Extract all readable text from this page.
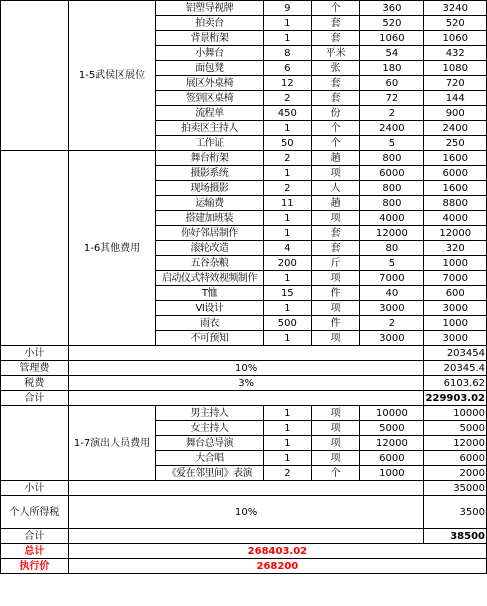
	1-5武侯区展位	铝塑导视牌	9	个	360	3240
		拍卖台	1	套	520	520
		背景桁架	1	套	1060	1060
		小舞台	8	平米	54	432
		面包凳	6	张	180	1080
		展区外桌椅	12	套	60	720
		签到区桌椅	2	套	72	144
		流程单	450	份	2	900
		拍卖区主持人	1	个	2400	2400
		工作证	50	个	5	250
	1-6其他费用	舞台桁架	2	趟	800	1600
		摄影系统	1	项	6000	6000
		现场摄影	2	人	800	1600
		运输费	11	趟	800	8800
		搭建加班装	1	项	4000	4000
		你好邻居制作	1	套	12000	12000
		滚轮改造	4	套	80	320
		五谷杂粮	200	斤	5	1000
		启动仪式特效视频制作	1	项	7000	7000
		T恤	15	件	40	600
		VI设计	1	项	3000	3000
		雨衣	500	件	2	1000
		不可预知	1	项	3000	3000
小计						203454
管理费	10%					20345.4
税费	3%					6103.62
合计						229903.02
	1-7演出人员费用	男主持人	1	项	10000	10000
		女主持人	1	项	5000	5000
		舞台总导演	1	项	12000	12000
		大合唱	1	项	6000	6000
		《爱在邻里间》表演	2	个	1000	2000
小计						35000
个人所得税	10%					3500
合计						38500
总计	268403.02					
执行价	268200					
